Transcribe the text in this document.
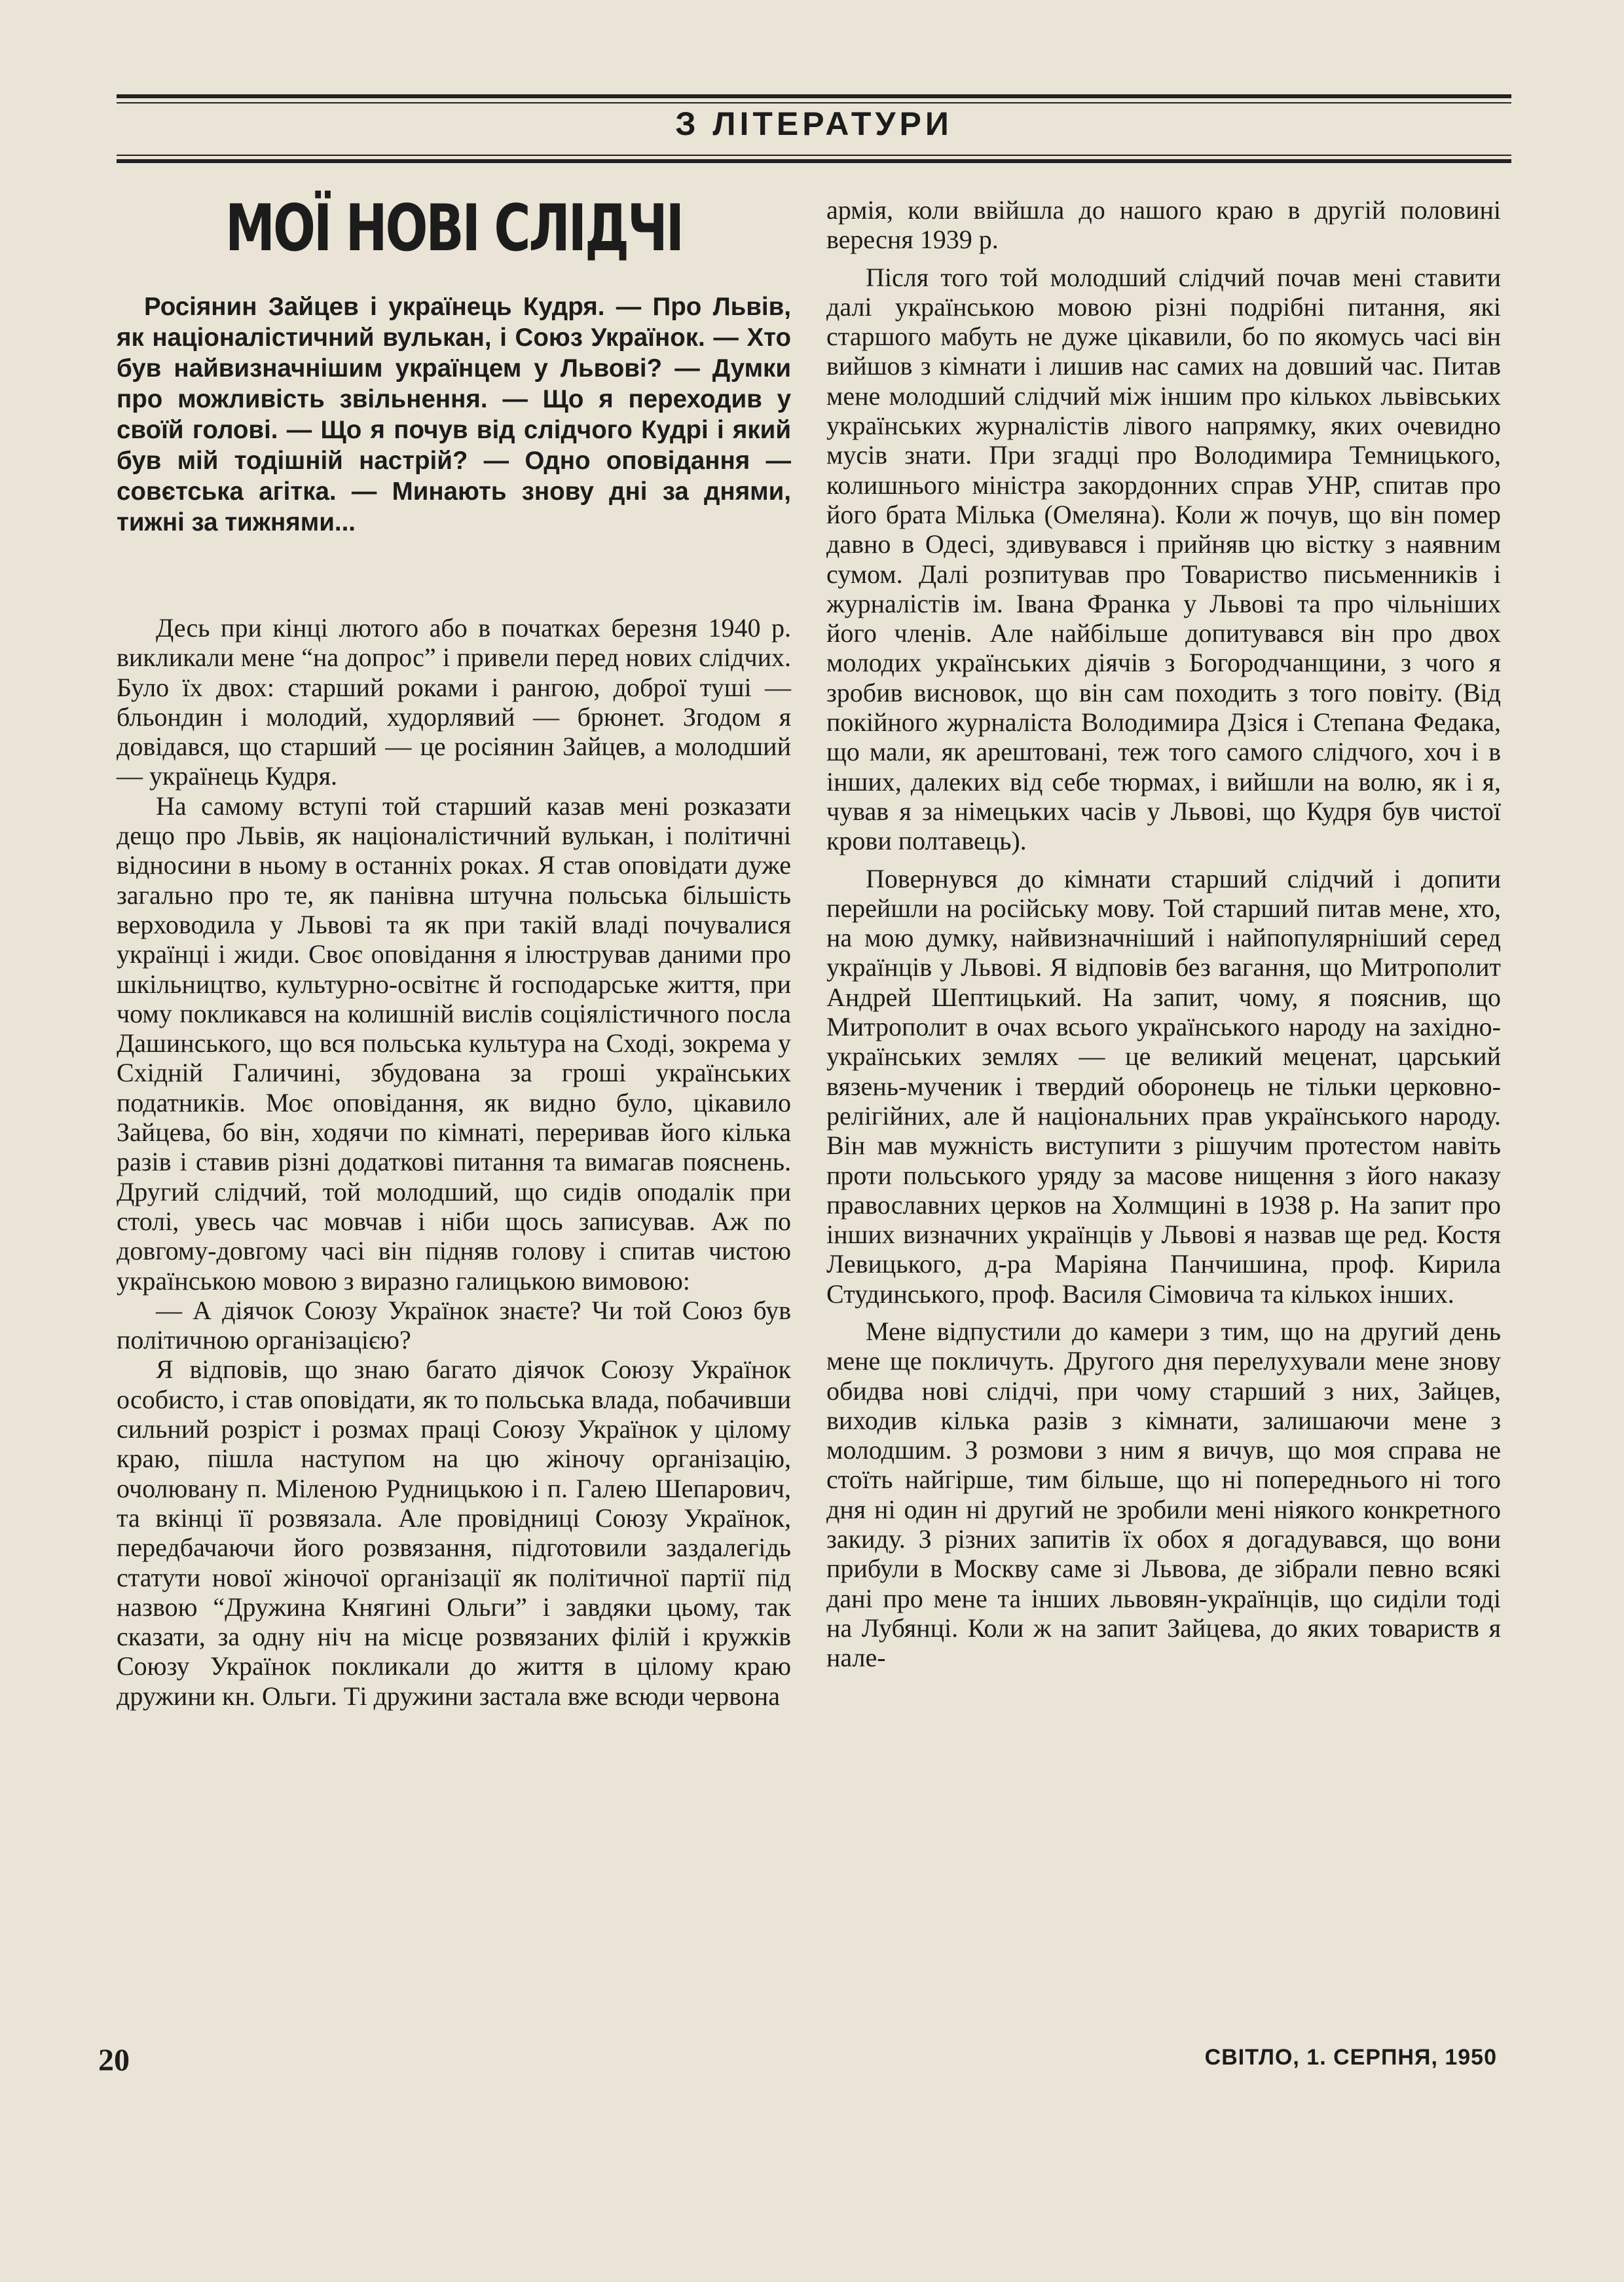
З ЛІТЕРАТУРИ
МОЇ НОВІ СЛІДЧІ
Росіянин Зайцев і українець Кудря. — Про Львів, як націоналістичний вулькан, і Союз Українок. — Хто був найвизначнішим українцем у Львові? — Думки про можливість звільнення. — Що я переходив у своїй голові. — Що я почув від слідчого Кудрі і який був мій тодішній настрій? — Одно оповідання — совєтська агітка. — Минають знову дні за днями, тижні за тижнями...

Десь при кінці лютого або в початках березня 1940 р. викликали мене “на допрос” і привели перед нових слідчих. Було їх двох: старший роками і рангою, доброї туші — бльондин і молодий, худорлявий — брюнет. Згодом я довідався, що старший — це росіянин Зайцев, а молодший — українець Кудря.

На самому вступі той старший казав мені розказати дещо про Львів, як націоналістичний вулькан, і політичні відносини в ньому в останніх роках. Я став оповідати дуже загально про те, як панівна штучна польська більшість верховодила у Львові та як при такій владі почувалися українці і жиди. Своє оповідання я ілюстрував даними про шкільництво, культурно-освітнє й господарське життя, при чому покликався на колишній вислів соціялістичного посла Дашинського, що вся польська культура на Сході, зокрема у Східній Галичині, збудована за гроші українських податників. Моє оповідання, як видно було, цікавило Зайцева, бо він, ходячи по кімнаті, переривав його кілька разів і ставив різні додаткові питання та вимагав пояснень. Другий слідчий, той молодший, що сидів оподалік при столі, увесь час мовчав і ніби щось записував. Аж по довгому-довгому часі він підняв голову і спитав чистою українською мовою з виразно галицькою вимовою:

— А діячок Союзу Українок знаєте? Чи той Союз був політичною організацією?

Я відповів, що знаю багато діячок Союзу Українок особисто, і став оповідати, як то польська влада, побачивши сильний розріст і розмах праці Союзу Українок у цілому краю, пішла наступом на цю жіночу організацію, очолювану п. Міленою Рудницькою і п. Галею Шепарович, та вкінці її розвязала. Але провідниці Союзу Українок, передбачаючи його розвязання, підготовили заздалегідь статути нової жіночої організації як політичної партії під назвою “Дружина Княгині Ольги” і завдяки цьому, так сказати, за одну ніч на місце розвязаних філій і кружків Союзу Українок покликали до життя в цілому краю дружини кн. Ольги. Ті дружини застала вже всюди червона

армія, коли ввійшла до нашого краю в другій половині вересня 1939 р.

Після того той молодший слідчий почав мені ставити далі українською мовою різні подрібні питання, які старшого мабуть не дуже цікавили, бо по якомусь часі він вийшов з кімнати і лишив нас самих на довший час. Питав мене молодший слідчий між іншим про кількох львівських українських журналістів лівого напрямку, яких очевидно мусів знати. При згадці про Володимира Темницького, колишнього міністра закордонних справ УНР, спитав про його брата Мілька (Омеляна). Коли ж почув, що він помер давно в Одесі, здивувався і прийняв цю вістку з наявним сумом. Далі розпитував про Товариство письменників і журналістів ім. Івана Франка у Львові та про чільніших його членів. Але найбільше допитувався він про двох молодих українських діячів з Богородчанщини, з чого я зробив висновок, що він сам походить з того повіту. (Від покійного журналіста Володимира Дзіся і Степана Федака, що мали, як арештовані, теж того самого слідчого, хоч і в інших, далеких від себе тюрмах, і вийшли на волю, як і я, чував я за німецьких часів у Львові, що Кудря був чистої крови полтавець).

Повернувся до кімнати старший слідчий і допити перейшли на російську мову. Той старший питав мене, хто, на мою думку, найвизначніший і найпопулярніший серед українців у Львові. Я відповів без вагання, що Митрополит Андрей Шептицький. На запит, чому, я пояснив, що Митрополит в очах всього українського народу на західно-українських землях — це великий меценат, царський вязень-мученик і твердий оборонець не тільки церковно-релігійних, але й національних прав українського народу. Він мав мужність виступити з рішучим протестом навіть проти польського уряду за масове нищення з його наказу православних церков на Холмщині в 1938 р. На запит про інших визначних українців у Львові я назвав ще ред. Костя Левицького, д-ра Маріяна Панчишина, проф. Кирила Студинського, проф. Василя Сімовича та кількох інших.

Мене відпустили до камери з тим, що на другий день мене ще покличуть. Другого дня перелухували мене знову обидва нові слідчі, при чому старший з них, Зайцев, виходив кілька разів з кімнати, залишаючи мене з молодшим. З розмови з ним я вичув, що моя справа не стоїть найгірше, тим більше, що ні попереднього ні того дня ні один ні другий не зробили мені ніякого конкретного закиду. З різних запитів їх обох я догадувався, що вони прибули в Москву саме зі Львова, де зібрали певно всякі дані про мене та інших львовян-українців, що сиділи тоді на Лубянці. Коли ж на запит Зайцева, до яких товариств я нале-

20	СВІТЛО, 1. СЕРПНЯ, 1950
